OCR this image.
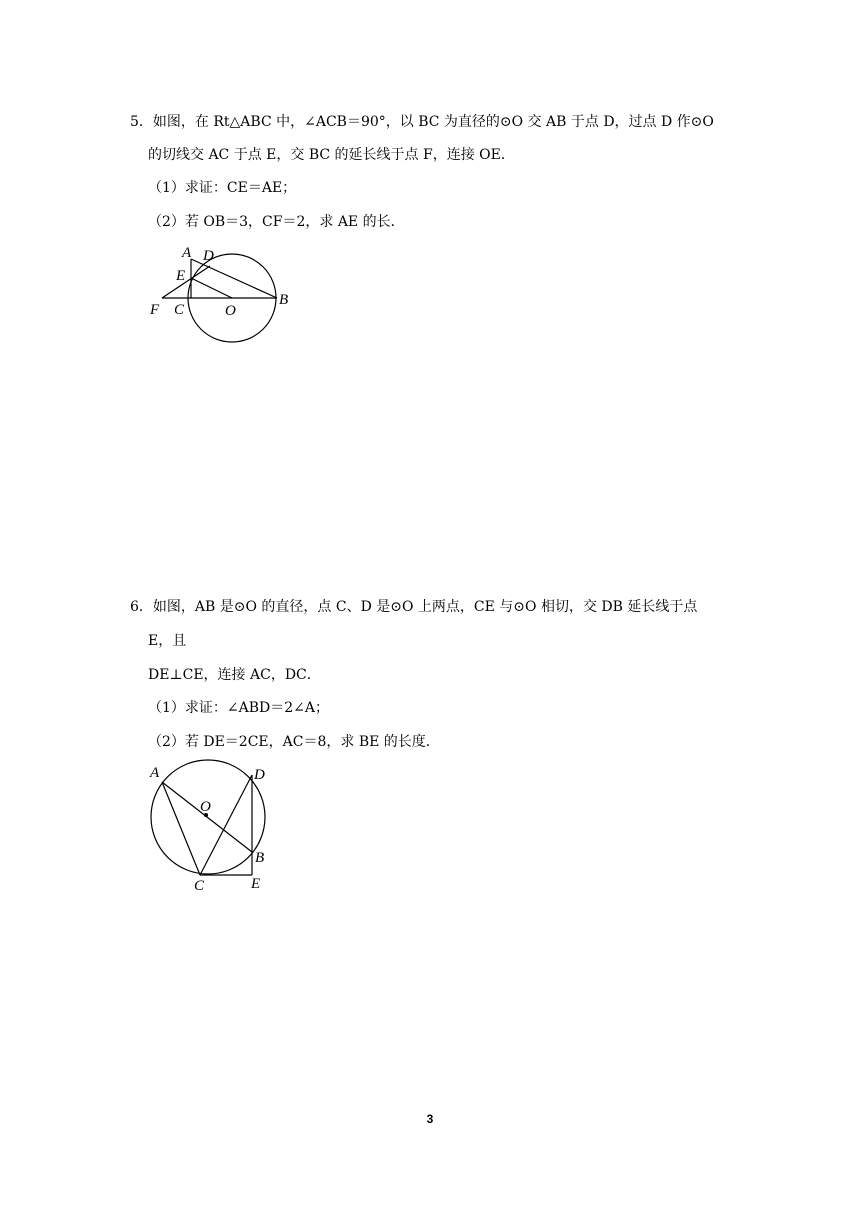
5．如图，在 Rt△ABC 中，∠ACB＝90°，以 BC 为直径的⊙O 交 AB 于点 D，过点 D 作⊙O
的切线交 AC 于点 E，交 BC 的延长线于点 F，连接 OE．
（1）求证：CE＝AE；
（2）若 OB＝3，CF＝2，求 AE 的长．
A D
E
F C	O
B
6．如图，AB 是⊙O 的直径，点 C、D 是⊙O 上两点，CE 与⊙O 相切，交 DB 延长线于点
E，且
DE⊥CE，连接 AC，DC．
（1）求证：∠ABD＝2∠A；
（2）若 DE＝2CE，AC＝8，求 BE 的长度．
A	D
O
B
C	E
3
